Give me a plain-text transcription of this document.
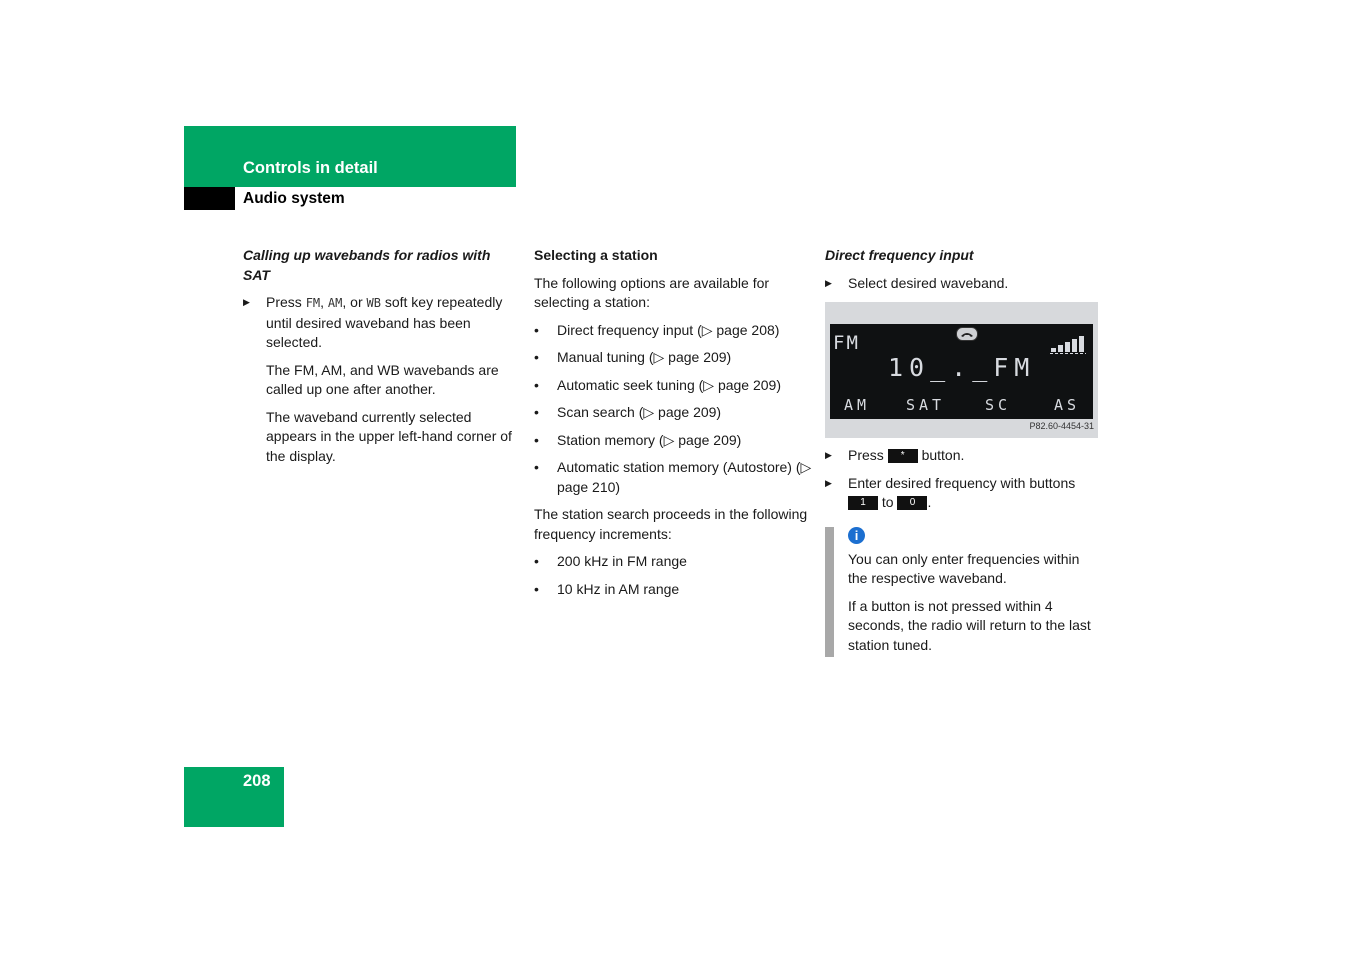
Controls in detail
Audio system
Calling up wavebands for radios with SAT
▶ Press FM, AM, or WB soft key repeatedly until desired waveband has been selected.

The FM, AM, and WB wavebands are called up one after another.

The waveband currently selected appears in the upper left-hand corner of the display.

Selecting a station

The following options are available for selecting a station:

• Direct frequency input (▷ page 208)
• Manual tuning (▷ page 209)
• Automatic seek tuning (▷ page 209)
• Scan search (▷ page 209)
• Station memory (▷ page 209)
• Automatic station memory (Autostore) (▷ page 210)

The station search proceeds in the following frequency increments:

• 200 kHz in FM range
• 10 kHz in AM range
Direct frequency input
▶ Select desired waveband.
FM
10_._FM
AM SAT	SC	AS
P82.60-4454-31
▶ Press * button.
▶ Enter desired frequency with buttons 1 to 0 .
i

You can only enter frequencies within the respective waveband.

If a button is not pressed within 4 seconds, the radio will return to the last station tuned.

208
